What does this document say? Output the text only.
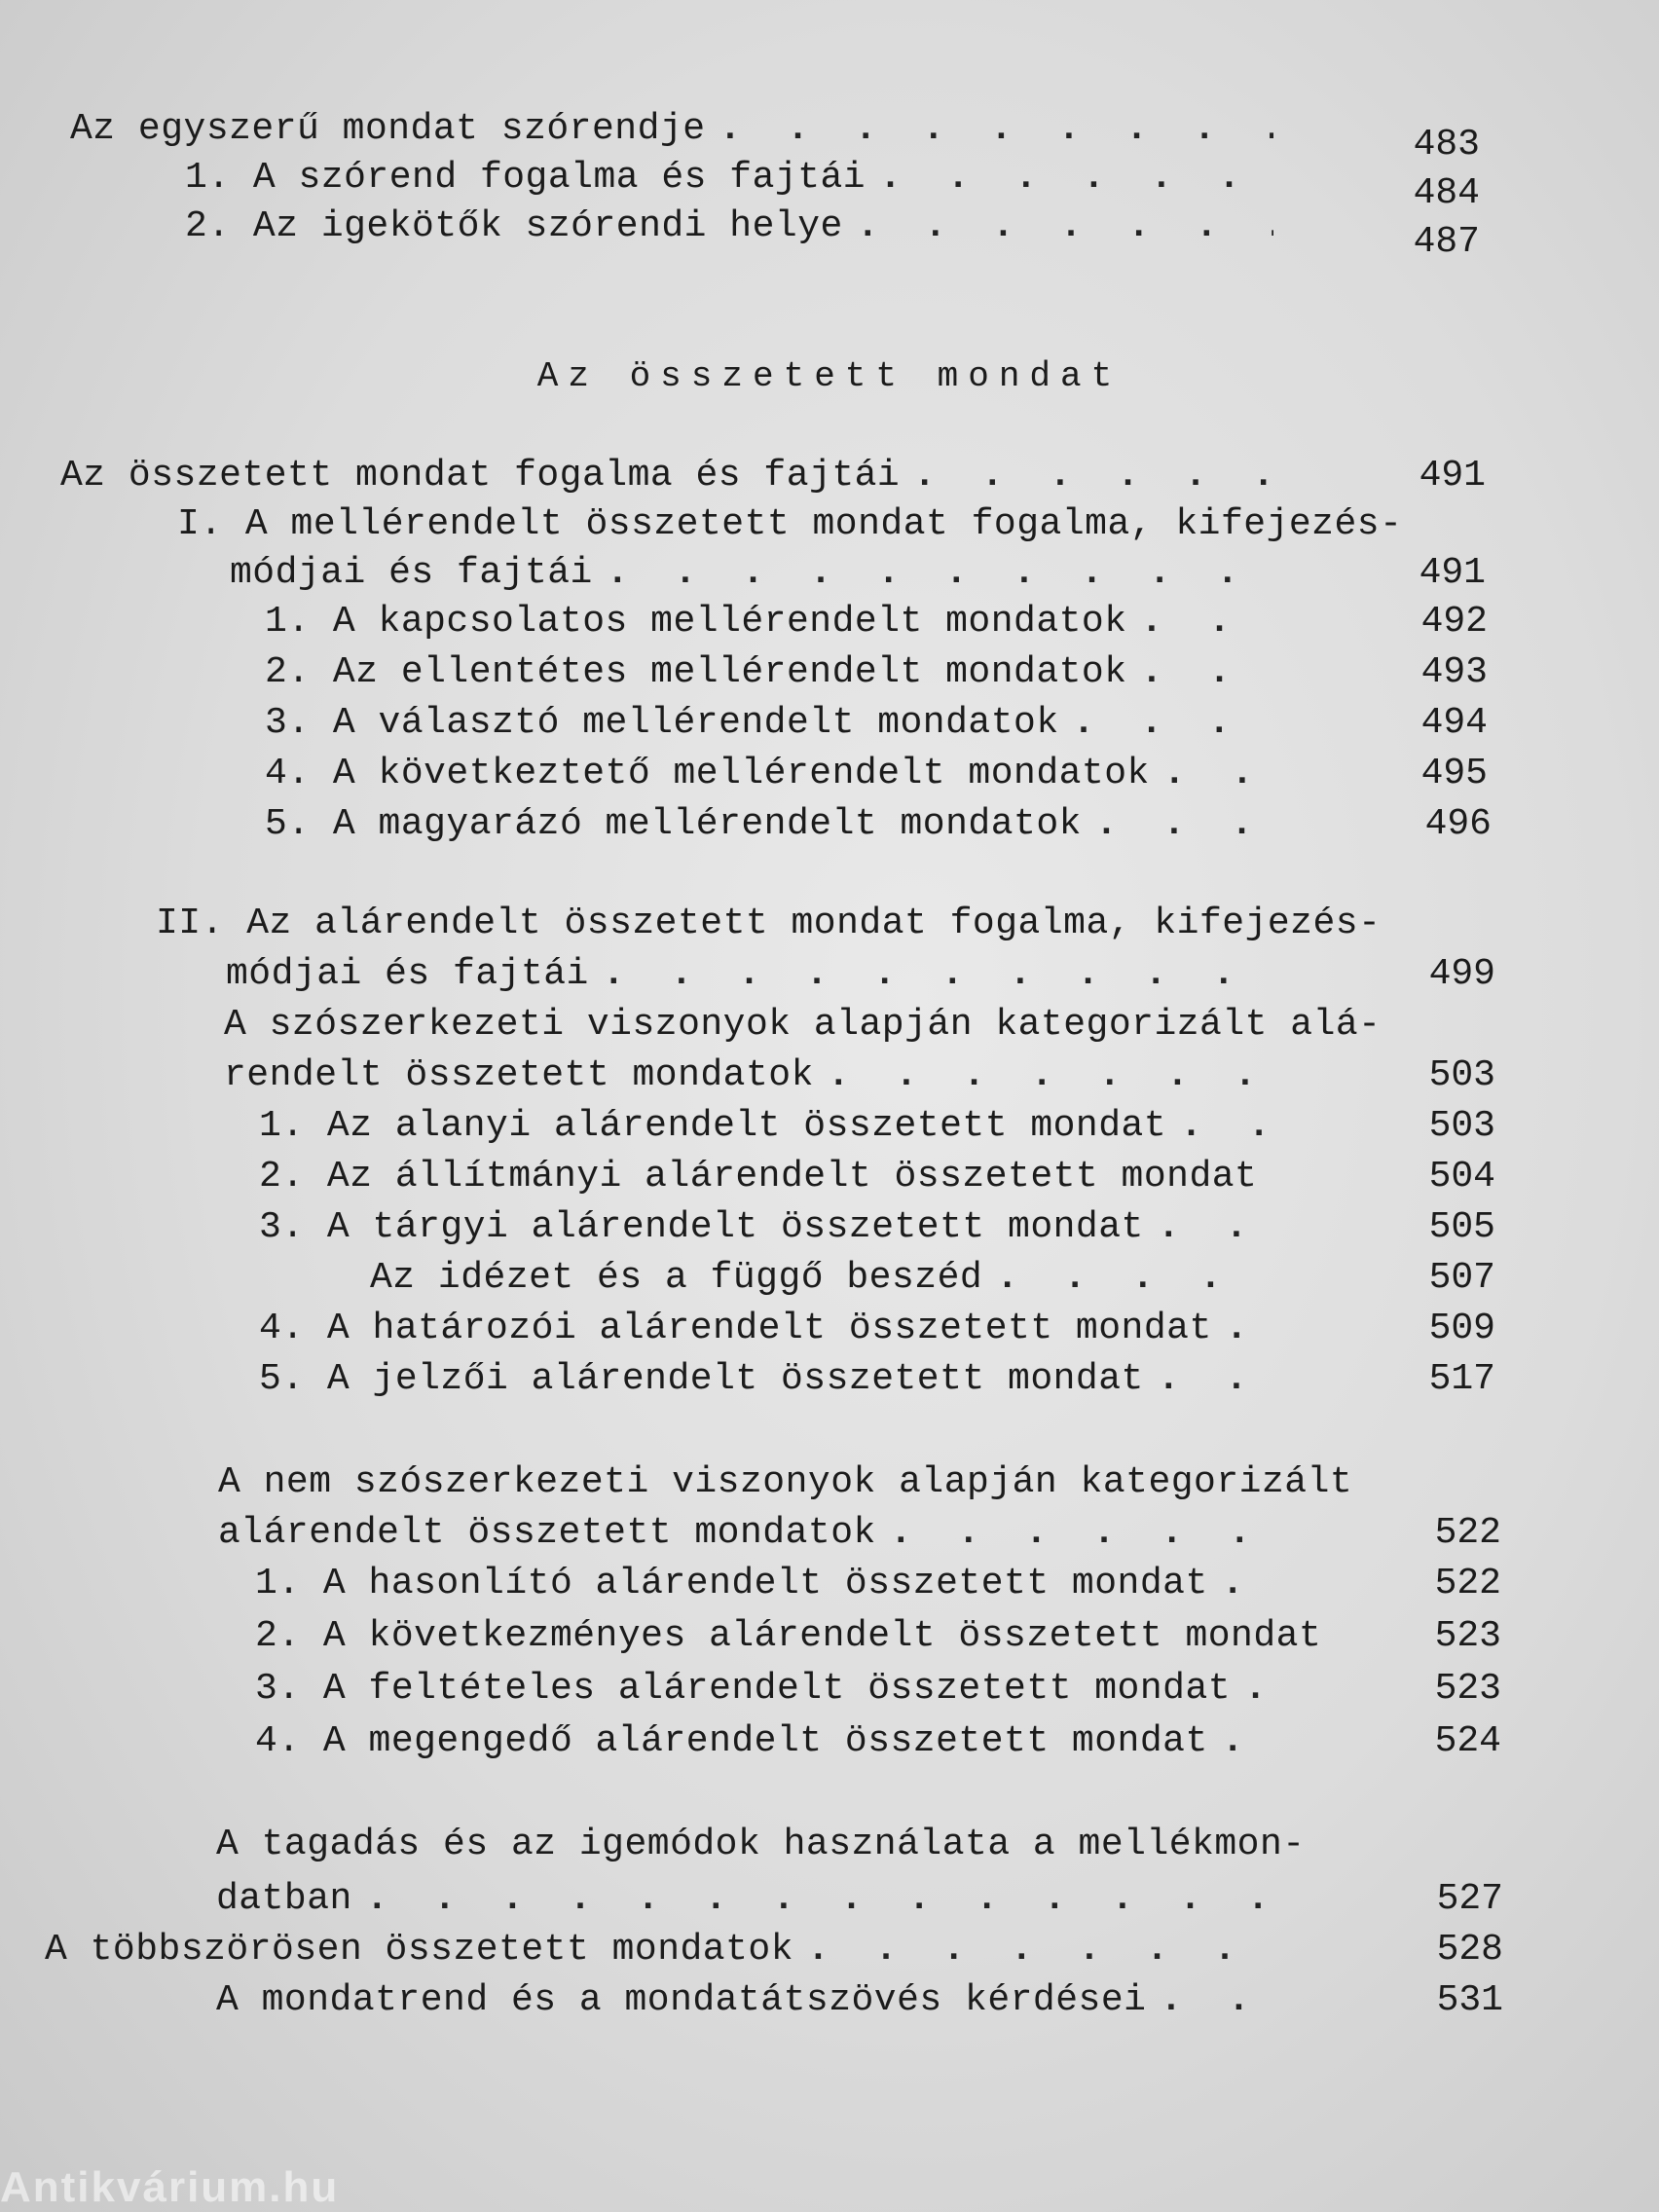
Az egyszerű mondat szórendje . . .	483
1. A szórend fogalma és fajtái . . .	484
2. Az igekötők szórendi helye . . .	487
Az összetett mondat
Az összetett mondat fogalma és fajtái . . .	491
I. A mellérendelt összetett mondat fogalma, kifejezés-
módjai és fajtái . . .	491
1. A kapcsolatos mellérendelt mondatok . . .	492
2. Az ellentétes mellérendelt mondatok . . .	493
3. A választó mellérendelt mondatok . . .	494
4. A következtető mellérendelt mondatok . . .	495
5. A magyarázó mellérendelt mondatok . . .	496
II. Az alárendelt összetett mondat fogalma, kifejezés-
módjai és fajtái . . .	499
A szószerkezeti viszonyok alapján kategorizált alá-
rendelt összetett mondatok . . .	503
1. Az alanyi alárendelt összetett mondat . . .	503
2. Az állítmányi alárendelt összetett mondat . . .	504
3. A tárgyi alárendelt összetett mondat . . .	505
Az idézet és a függő beszéd . . .	507
4. A határozói alárendelt összetett mondat . . .	509
5. A jelzői alárendelt összetett mondat . . .	517
A nem szószerkezeti viszonyok alapján kategorizált
alárendelt összetett mondatok . . .	522
1. A hasonlító alárendelt összetett mondat . . .	522
2. A következményes alárendelt összetett mondat	523
3. A feltételes alárendelt összetett mondat . . .	523
4. A megengedő alárendelt összetett mondat . . .	524
A tagadás és az igemódok használata a mellékmon-
datban . . .	527
A többszörösen összetett mondatok . . .	528
A mondatrend és a mondatátszövés kérdései . . .	531
Antikvárium.hu
